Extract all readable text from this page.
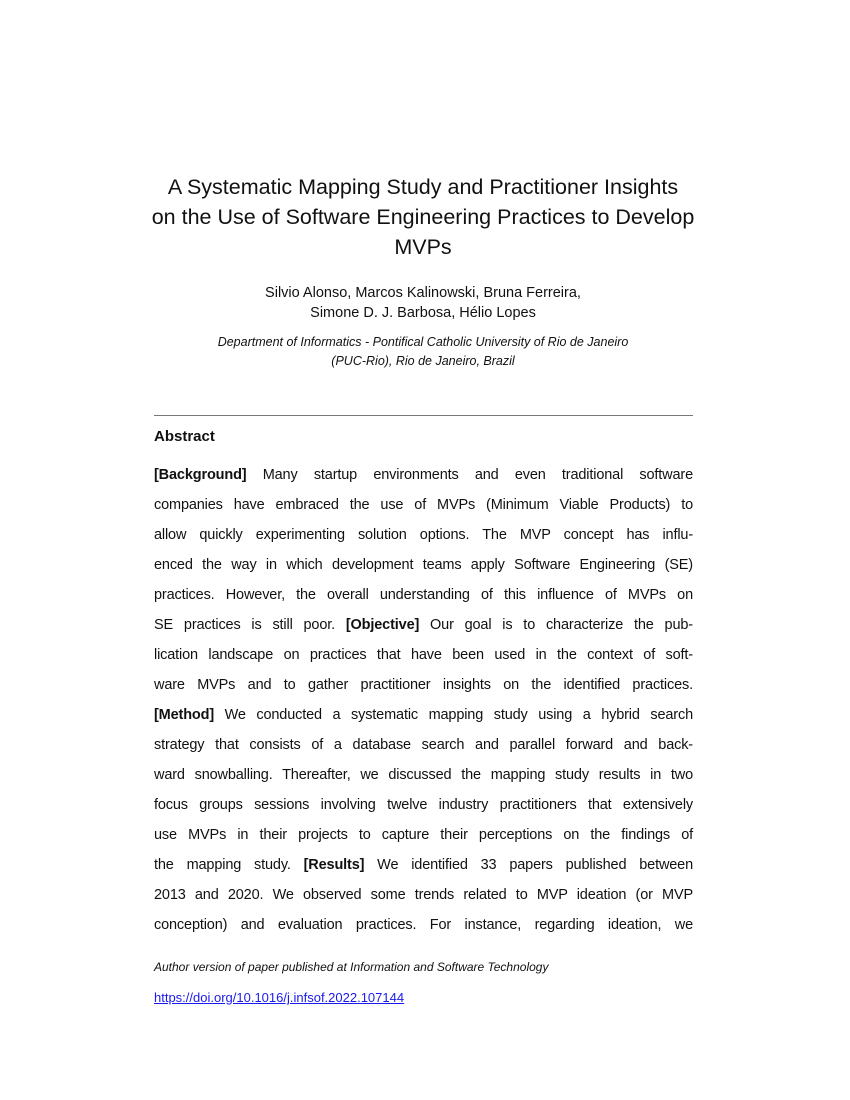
A Systematic Mapping Study and Practitioner Insights
on the Use of Software Engineering Practices to Develop
MVPs
Silvio Alonso, Marcos Kalinowski, Bruna Ferreira,
Simone D. J. Barbosa, Hélio Lopes
Department of Informatics - Pontifical Catholic University of Rio de Janeiro
(PUC-Rio), Rio de Janeiro, Brazil
Abstract
[Background] Many startup environments and even traditional software
companies have embraced the use of MVPs (Minimum Viable Products) to
allow quickly experimenting solution options. The MVP concept has influ-
enced the way in which development teams apply Software Engineering (SE)
practices. However, the overall understanding of this influence of MVPs on
SE practices is still poor. [Objective] Our goal is to characterize the pub-
lication landscape on practices that have been used in the context of soft-
ware MVPs and to gather practitioner insights on the identified practices.
[Method] We conducted a systematic mapping study using a hybrid search
strategy that consists of a database search and parallel forward and back-
ward snowballing. Thereafter, we discussed the mapping study results in two
focus groups sessions involving twelve industry practitioners that extensively
use MVPs in their projects to capture their perceptions on the findings of
the mapping study. [Results] We identified 33 papers published between
2013 and 2020. We observed some trends related to MVP ideation (or MVP
conception) and evaluation practices. For instance, regarding ideation, we
Author version of paper published at Information and Software Technology
https://doi.org/10.1016/j.infsof.2022.107144
